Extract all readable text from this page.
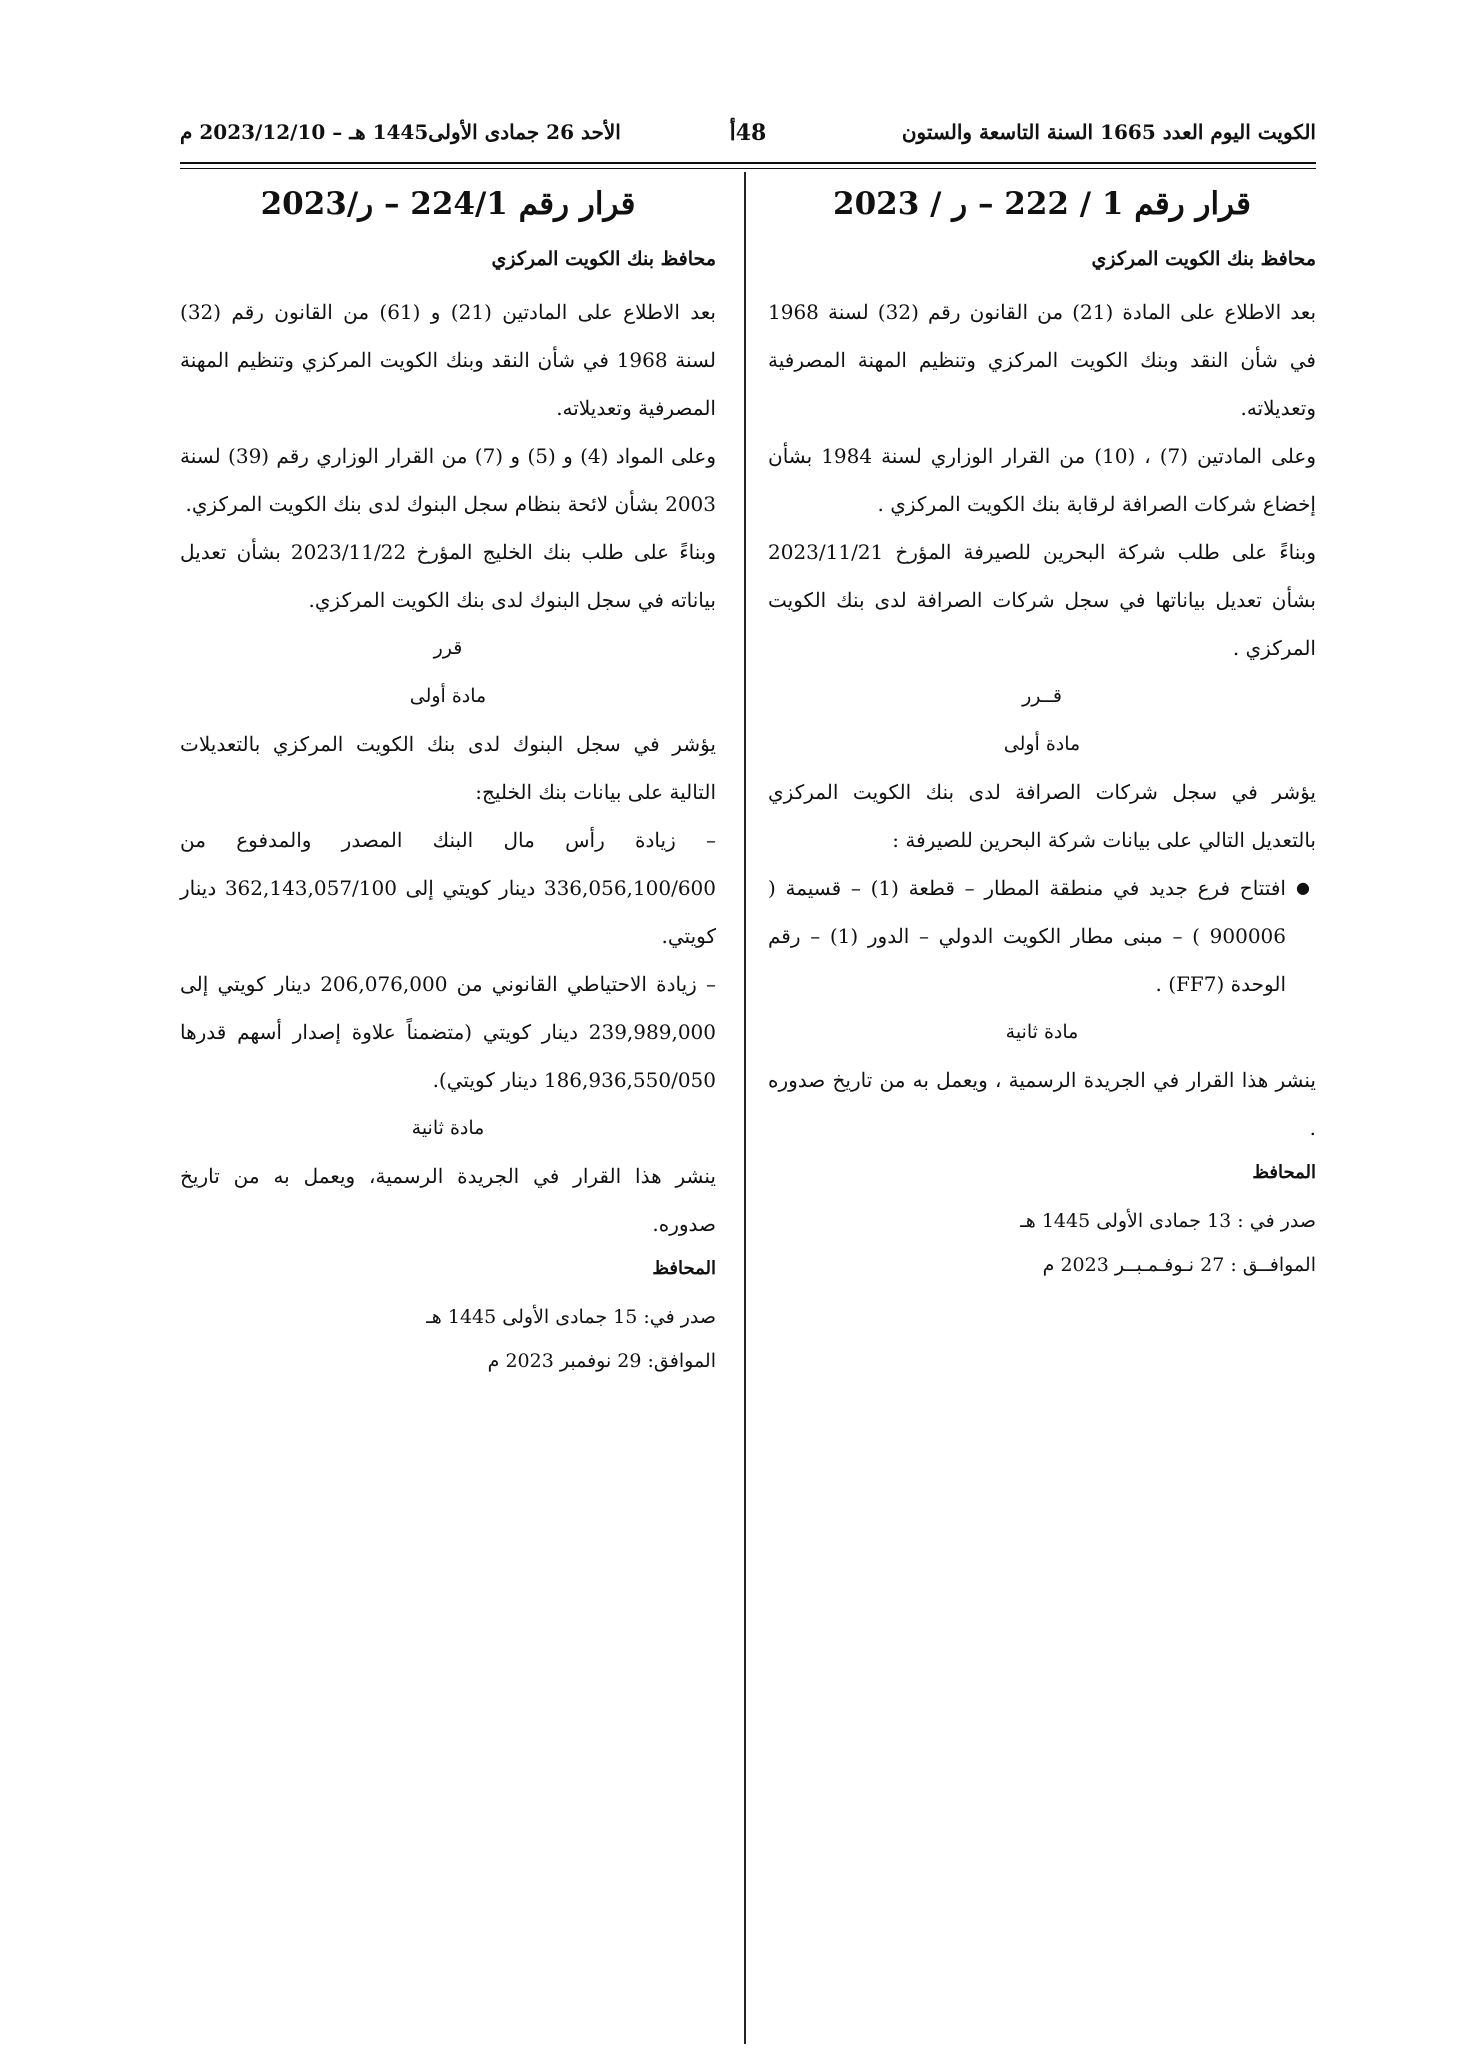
الكويت اليوم العدد 1665 السنة التاسعة والستون
48أ
الأحد 26 جمادى الأولى1445 هـ – 2023/12/10 م
قرار رقم 1 / 222 – ر / 2023
محافظ بنك الكويت المركزي

بعد الاطلاع على المادة (21) من القانون رقم (32) لسنة 1968 في شأن النقد وبنك الكويت المركزي وتنظيم المهنة المصرفية وتعديلاته.

وعلى المادتين (7) ، (10) من القرار الوزاري لسنة 1984 بشأن إخضاع شركات الصرافة لرقابة بنك الكويت المركزي .

وبناءً على طلب شركة البحرين للصيرفة المؤرخ 2023/11/21 بشأن تعديل بياناتها في سجل شركات الصرافة لدى بنك الكويت المركزي .

قــرر

مادة أولى

يؤشر في سجل شركات الصرافة لدى بنك الكويت المركزي بالتعديل التالي على بيانات شركة البحرين للصيرفة :

●
افتتاح فرع جديد في منطقة المطار – قطعة (1) – قسيمة ( 900006 ) – مبنى مطار الكويت الدولي – الدور (1) – رقم الوحدة (FF7) .

مادة ثانية

ينشر هذا القرار في الجريدة الرسمية ، ويعمل به من تاريخ صدوره .

المحافظ

صدر في : 13 جمادى الأولى 1445 هـ

الموافــق : 27 نـوفـمـبــر 2023 م

قرار رقم 224/1 – ر/2023
محافظ بنك الكويت المركزي

بعد الاطلاع على المادتين (21) و (61) من القانون رقم (32) لسنة 1968 في شأن النقد وبنك الكويت المركزي وتنظيم المهنة المصرفية وتعديلاته.

وعلى المواد (4) و (5) و (7) من القرار الوزاري رقم (39) لسنة 2003 بشأن لائحة بنظام سجل البنوك لدى بنك الكويت المركزي.

وبناءً على طلب بنك الخليج المؤرخ 2023/11/22 بشأن تعديل بياناته في سجل البنوك لدى بنك الكويت المركزي.

قرر

مادة أولى

يؤشر في سجل البنوك لدى بنك الكويت المركزي بالتعديلات التالية على بيانات بنك الخليج:

– زيادة رأس مال البنك المصدر والمدفوع من 336,056,100/600 دينار كويتي إلى 362,143,057/100 دينار كويتي.

– زيادة الاحتياطي القانوني من 206,076,000 دينار كويتي إلى 239,989,000 دينار كويتي (متضمناً علاوة إصدار أسهم قدرها 186,936,550/050 دينار كويتي).

مادة ثانية

ينشر هذا القرار في الجريدة الرسمية، ويعمل به من تاريخ صدوره.

المحافظ

صدر في: 15 جمادى الأولى 1445 هـ

الموافق: 29 نوفمبر 2023 م
